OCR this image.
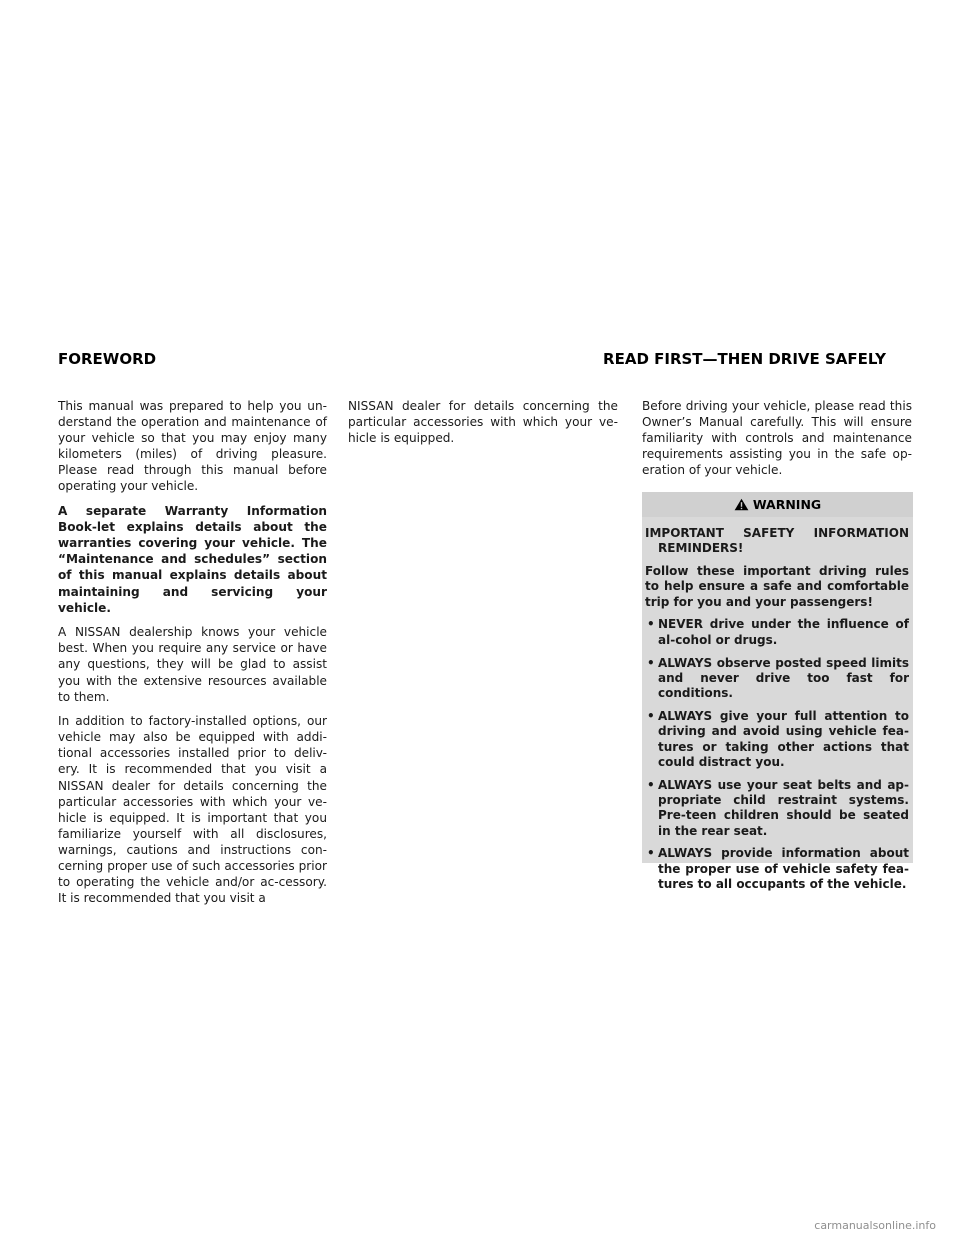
FOREWORD	READ FIRST—THEN DRIVE SAFELY

This manual was prepared to help you un-derstand the operation and maintenance of your vehicle so that you may enjoy many kilometers (miles) of driving pleasure. Please read through this manual before operating your vehicle.

A separate Warranty Information Book-let explains details about the warranties covering your vehicle. The “Maintenance and schedules” section of this manual explains details about maintaining and servicing your vehicle.

A NISSAN dealership knows your vehicle best. When you require any service or have any questions, they will be glad to assist you with the extensive resources available to them.

In addition to factory-installed options, our vehicle may also be equipped with addi-tional accessories installed prior to deliv-ery. It is recommended that you visit a NISSAN dealer for details concerning the particular accessories with which your ve-hicle is equipped. It is important that you familiarize yourself with all disclosures, warnings, cautions and instructions con-cerning proper use of such accessories prior to operating the vehicle and/or ac-cessory. It is recommended that you visit a

NISSAN dealer for details concerning the particular accessories with which your ve-hicle is equipped.

Before driving your vehicle, please read this Owner’s Manual carefully. This will ensure familiarity with controls and maintenance requirements assisting you in the safe op-eration of your vehicle.

WARNING

IMPORTANT SAFETY INFORMATION REMINDERS!

Follow these important driving rules to help ensure a safe and comfortable trip for you and your passengers!

• NEVER drive under the influence of al-cohol or drugs.
• ALWAYS observe posted speed limits and never drive too fast for conditions.
• ALWAYS give your full attention to driving and avoid using vehicle fea-tures or taking other actions that could distract you.
• ALWAYS use your seat belts and ap-propriate child restraint systems. Pre-teen children should be seated in the rear seat.
• ALWAYS provide information about the proper use of vehicle safety fea-tures to all occupants of the vehicle.
carmanualsonline.info
